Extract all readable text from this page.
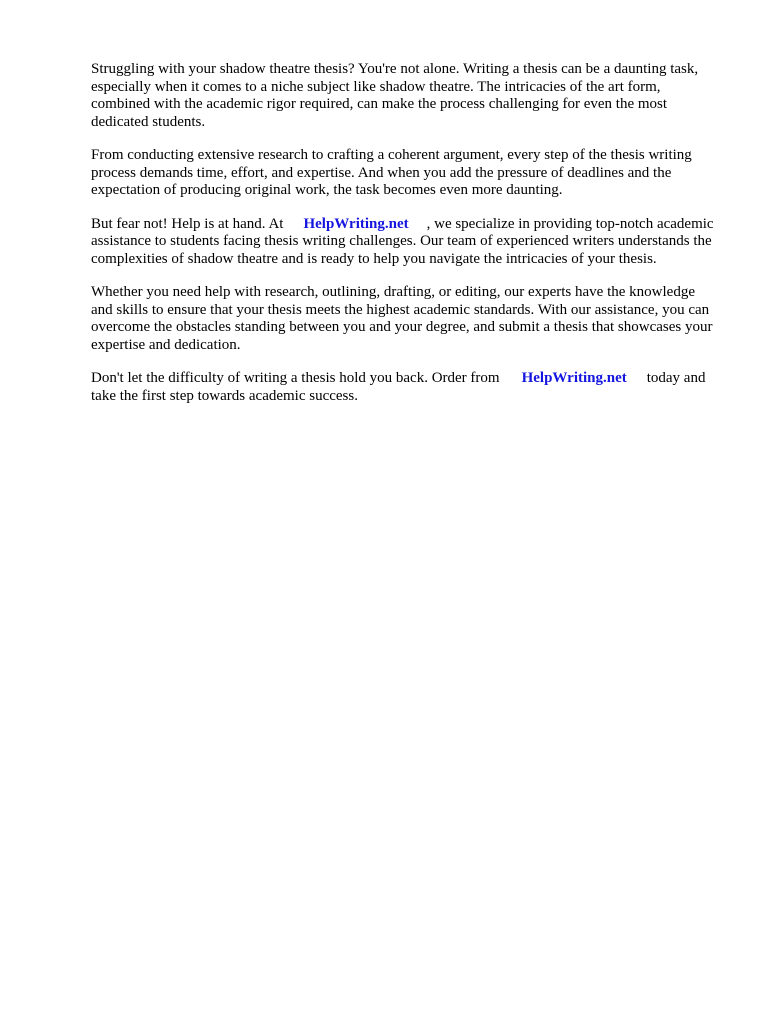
Struggling with your shadow theatre thesis? You're not alone. Writing a thesis can be a daunting task, especially when it comes to a niche subject like shadow theatre. The intricacies of the art form, combined with the academic rigor required, can make the process challenging for even the most dedicated students.

From conducting extensive research to crafting a coherent argument, every step of the thesis writing process demands time, effort, and expertise. And when you add the pressure of deadlines and the expectation of producing original work, the task becomes even more daunting.

But fear not! Help is at hand. At HelpWriting.net , we specialize in providing top-notch academic assistance to students facing thesis writing challenges. Our team of experienced writers understands the complexities of shadow theatre and is ready to help you navigate the intricacies of your thesis.

Whether you need help with research, outlining, drafting, or editing, our experts have the knowledge and skills to ensure that your thesis meets the highest academic standards. With our assistance, you can overcome the obstacles standing between you and your degree, and submit a thesis that showcases your expertise and dedication.

Don't let the difficulty of writing a thesis hold you back. Order from HelpWriting.net today and take the first step towards academic success.
